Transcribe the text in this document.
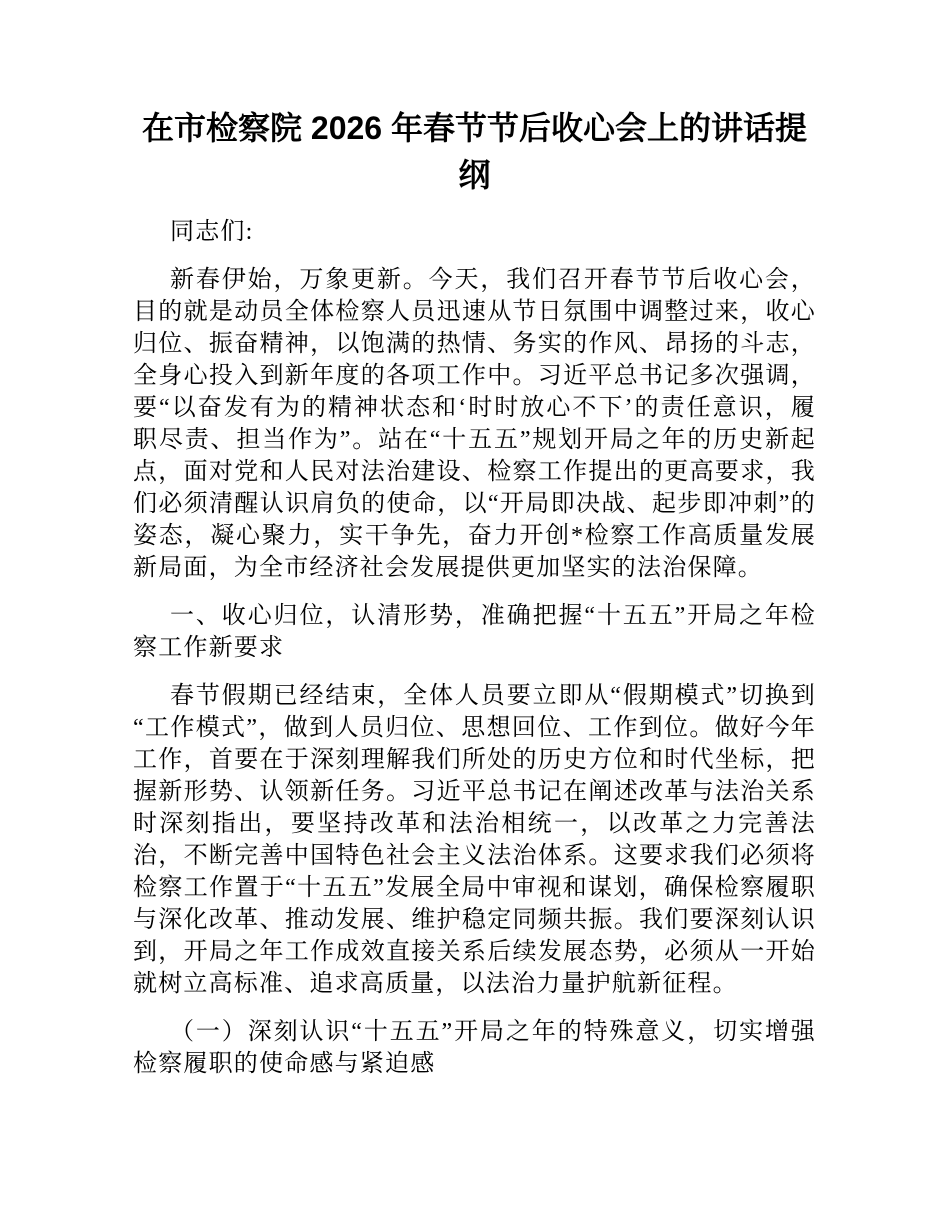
在市检察院 2026 年春节节后收心会上的讲话提纲

同志们:

新春伊始，万象更新。今天，我们召开春节节后收心会，目的就是动员全体检察人员迅速从节日氛围中调整过来，收心归位、振奋精神，以饱满的热情、务实的作风、昂扬的斗志，全身心投入到新年度的各项工作中。习近平总书记多次强调，要“以奋发有为的精神状态和‘时时放心不下’的责任意识，履职尽责、担当作为”。站在“十五五”规划开局之年的历史新起点，面对党和人民对法治建设、检察工作提出的更高要求，我们必须清醒认识肩负的使命，以“开局即决战、起步即冲刺”的姿态，凝心聚力，实干争先，奋力开创*检察工作高质量发展新局面，为全市经济社会发展提供更加坚实的法治保障。

一、收心归位，认清形势，准确把握“十五五”开局之年检察工作新要求

春节假期已经结束，全体人员要立即从“假期模式”切换到“工作模式”，做到人员归位、思想回位、工作到位。做好今年工作，首要在于深刻理解我们所处的历史方位和时代坐标，把握新形势、认领新任务。习近平总书记在阐述改革与法治关系时深刻指出，要坚持改革和法治相统一，以改革之力完善法治，不断完善中国特色社会主义法治体系。这要求我们必须将检察工作置于“十五五”发展全局中审视和谋划，确保检察履职与深化改革、推动发展、维护稳定同频共振。我们要深刻认识到，开局之年工作成效直接关系后续发展态势，必须从一开始就树立高标准、追求高质量，以法治力量护航新征程。

（一）深刻认识“十五五”开局之年的特殊意义，切实增强检察履职的使命感与紧迫感
